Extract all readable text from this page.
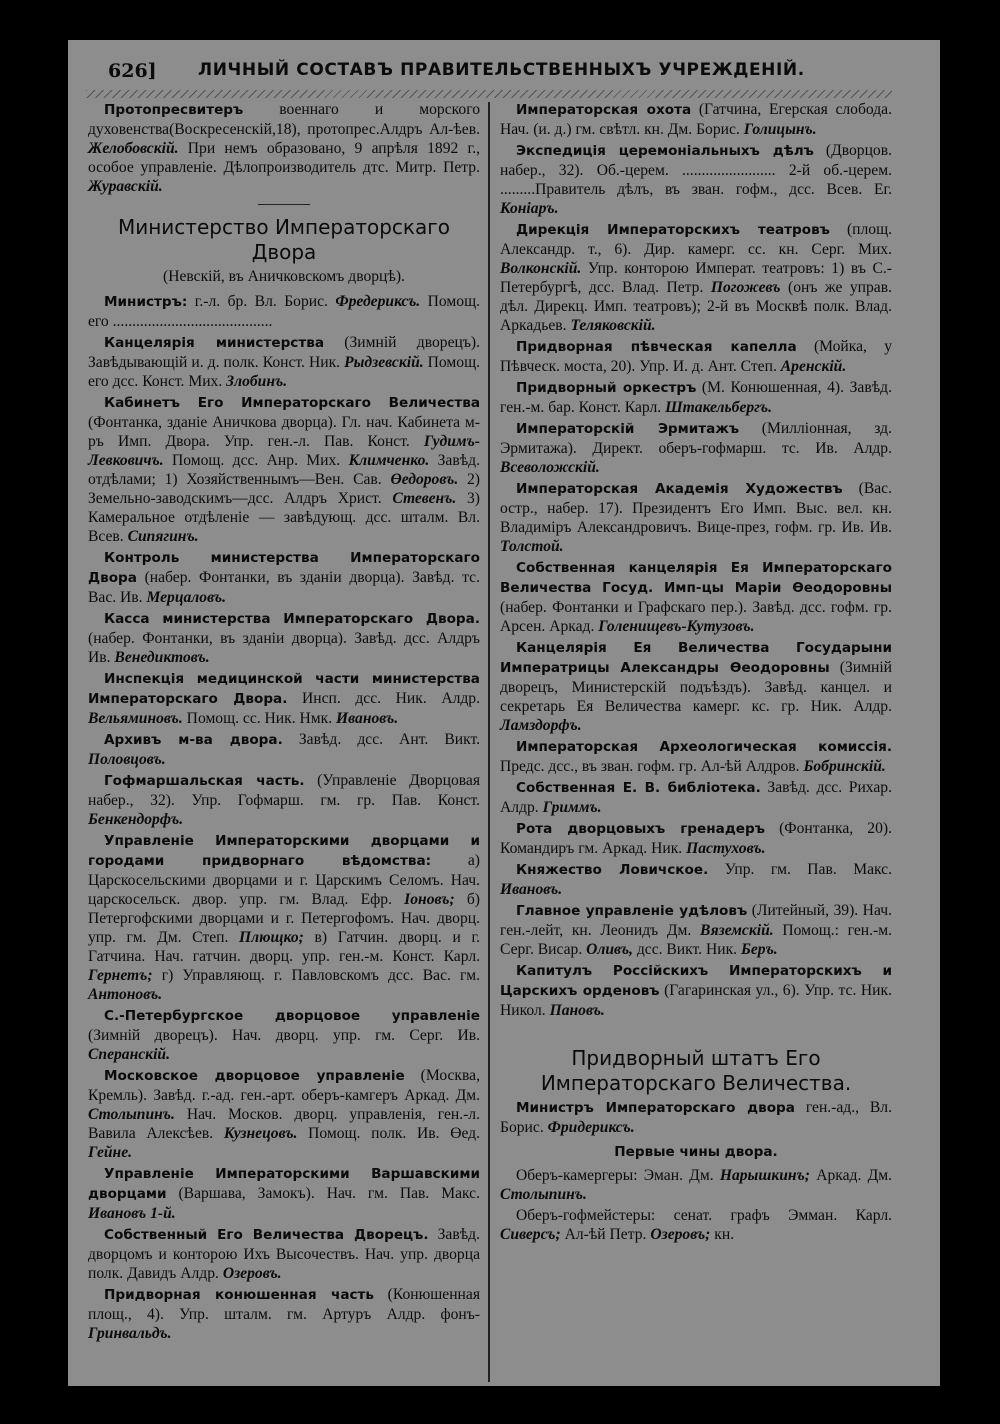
626] ЛИЧНЫЙ СОСТАВЪ ПРАВИТЕЛЬСТВЕННЫХЪ УЧРЕЖДЕНIЙ.

Протопресвитеръ военнаго и морского духовенства(Воскресенскiй,18), протопрес.Алдръ Ал-ѣев. Желобовскiй. При немъ образовано, 9 апрѣля 1892 г., особое управленiе. Дѣлопроизводитель дтс. Митр. Петр. Журавскiй.

Министерство Императорскаго Двора

(Невскiй, въ Аничковскомъ дворцѣ).

Министръ: г.-л. бр. Вл. Борис. Фредериксъ. Помощ. его .........................................

Канцелярiя министерства (Зимнiй дворецъ). Завѣдывающiй и. д. полк. Конст. Ник. Рыдзевскiй. Помощ. его дсс. Конст. Мих. Злобинъ.

Кабинетъ Его Императорскаго Величества (Фонтанка, зданiе Аничкова дворца). Гл. нач. Кабинета м-ръ Имп. Двора. Упр. ген.-л. Пав. Конст. Гудимъ-Левковичъ. Помощ. дсс. Анр. Мих. Климченко. Завѣд. отдѣлами; 1) Хозяйственнымъ—Вен. Сав. Өедоровъ. 2) Земельно-заводскимъ—дсс. Алдръ Христ. Стевенъ. 3) Камеральное отдѣленiе — завѣдующ. дсс. шталм. Вл. Всев. Сипягинъ.

Контроль министерства Императорскаго Двора (набер. Фонтанки, въ зданiи дворца). Завѣд. тс. Вас. Ив. Мерцаловъ.

Касса министерства Императорскаго Двора. (набер. Фонтанки, въ зданiи дворца). Завѣд. дсс. Алдръ Ив. Венедиктовъ.

Инспекцiя медицинской части министерства Императорскаго Двора. Инсп. дсс. Ник. Алдр. Вельяминовъ. Помощ. сс. Ник. Нмк. Ивановъ.

Архивъ м-ва двора. Завѣд. дсс. Ант. Викт. Половцовъ.

Гофмаршальская часть. (Управленiе Дворцовая набер., 32). Упр. Гофмарш. гм. гр. Пав. Конст. Бенкендорфъ.

Управленiе Императорскими дворцами и городами придворнаго вѣдомства: а) Царскосельскими дворцами и г. Царскимъ Селомъ. Нач. царскосельск. двор. упр. гм. Влад. Ефр. Iоновъ; б) Петергофскими дворцами и г. Петергофомъ. Нач. дворц. упр. гм. Дм. Степ. Плющко; в) Гатчин. дворц. и г. Гатчина. Нач. гатчин. дворц. упр. ген.-м. Конст. Карл. Гернетъ; г) Управляющ. г. Павловскомъ дсс. Вас. гм. Антоновъ.

С.-Петербургское дворцовое управленiе (Зимнiй дворецъ). Нач. дворц. упр. гм. Серг. Ив. Сперанскiй.

Московское дворцовое управленiе (Москва, Кремль). Завѣд. г.-ад. ген.-арт. оберъ-камгеръ Аркад. Дм. Столыпинъ. Нач. Москов. дворц. управленiя, ген.-л. Вавила Алексѣев. Кузнецовъ. Помощ. полк. Ив. Өед. Гейне.

Управленiе Императорскими Варшавскими дворцами (Варшава, Замокъ). Нач. гм. Пав. Макс. Ивановъ 1-й.

Собственный Его Величества Дворецъ. Завѣд. дворцомъ и конторою Ихъ Высочествъ. Нач. упр. дворца полк. Давидъ Алдр. Озеровъ.

Придворная конюшенная часть (Конюшенная площ., 4). Упр. шталм. гм. Артуръ Алдр. фонъ-Гринвальдъ.

Императорская охота (Гатчина, Егерская слобода. Нач. (и. д.) гм. свѣтл. кн. Дм. Борис. Голицынъ.

Экспедицiя церемонiальныхъ дѣлъ (Дворцов. набер., 32). Об.-церем. ........................ 2-й об.-церем. .........Правитель дѣлъ, въ зван. гофм., дсс. Всев. Ег. Конiаръ.

Дирекцiя Императорскихъ театровъ (площ. Александр. т., 6). Дир. камерг. сс. кн. Серг. Мих. Волконскiй. Упр. конторою Императ. театровъ: 1) въ С.-Петербургѣ, дсс. Влад. Петр. Погожевъ (онъ же управ. дѣл. Дирекц. Имп. театровъ); 2-й въ Москвѣ полк. Влад. Аркадьев. Теляковскiй.

Придворная пѣвческая капелла (Мойка, у Пѣвческ. моста, 20). Упр. И. д. Ант. Степ. Аренскiй.

Придворный оркестръ (М. Конюшенная, 4). Завѣд. ген.-м. бар. Конст. Карл. Штакельбергъ.

Императорскiй Эрмитажъ (Миллiонная, зд. Эрмитажа). Директ. оберъ-гофмарш. тс. Ив. Алдр. Всеволожскiй.

Императорская Академiя Художествъ (Вас. остр., набер. 17). Президентъ Его Имп. Выс. вел. кн. Владимiръ Александровичъ. Вице-през, гофм. гр. Ив. Ив. Толстой.

Собственная канцелярiя Ея Императорскаго Величества Госуд. Имп-цы Марiи Өеодоровны (набер. Фонтанки и Графскаго пер.). Завѣд. дсс. гофм. гр. Арсен. Аркад. Голенищевъ-Кутузовъ.

Канцелярiя Ея Величества Государыни Императрицы Александры Өеодоровны (Зимнiй дворецъ, Министерскiй подъѣздъ). Завѣд. канцел. и секретарь Ея Величества камерг. кс. гр. Ник. Алдр. Ламздорфъ.

Императорская Археологическая комиссiя. Предс. дсс., въ зван. гофм. гр. Ал-ѣй Алдров. Бобринскiй.

Собственная Е. В. библiотека. Завѣд. дсс. Рихар. Алдр. Гриммъ.

Рота дворцовыхъ гренадеръ (Фонтанка, 20). Командиръ гм. Аркад. Ник. Пастуховъ.

Княжество Ловичское. Упр. гм. Пав. Макс. Ивановъ.

Главное управленiе удѣловъ (Литейный, 39). Нач. ген.-лейт, кн. Леонидъ Дм. Вяземскiй. Помощ.: ген.-м. Серг. Висар. Оливъ, дсс. Викт. Ник. Беръ.

Капитулъ Россiйскихъ Императорскихъ и Царскихъ орденовъ (Гагаринская ул., 6). Упр. тс. Ник. Никол. Пановъ.

Придворный штатъ Его Императорскаго Величества.

Министръ Императорскаго двора ген.-ад., Вл. Борис. Фридериксъ.

Первые чины двора.

Оберъ-камергеры: Эман. Дм. Нарышкинъ; Аркад. Дм. Столыпинъ.

Оберъ-гофмейстеры: сенат. графъ Эмман. Карл. Сиверсъ; Ал-ѣй Петр. Озеровъ; кн.
